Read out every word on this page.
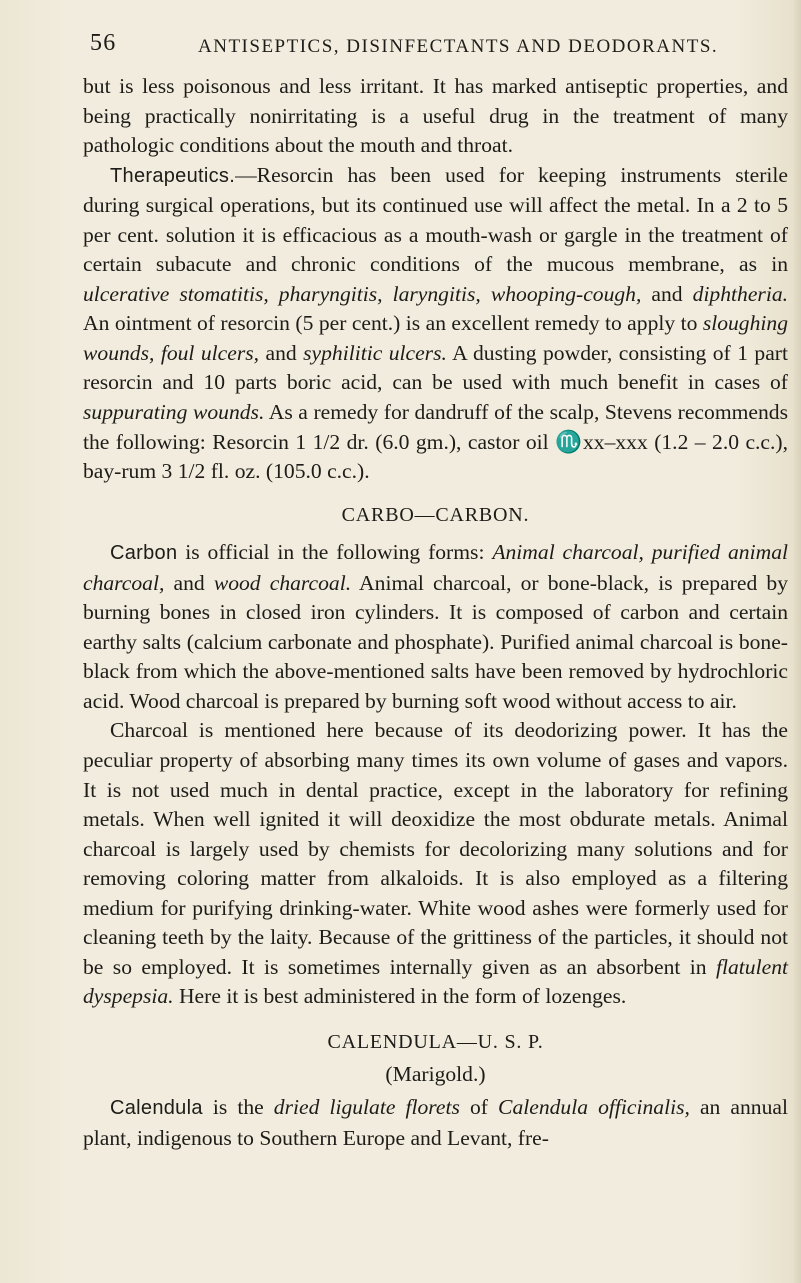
56	ANTISEPTICS, DISINFECTANTS AND DEODORANTS.

but is less poisonous and less irritant. It has marked antiseptic properties, and being practically nonirritating is a useful drug in the treatment of many pathologic conditions about the mouth and throat.

Therapeutics.—Resorcin has been used for keeping instruments sterile during surgical operations, but its continued use will affect the metal. In a 2 to 5 per cent. solution it is efficacious as a mouth-wash or gargle in the treatment of certain subacute and chronic conditions of the mucous membrane, as in ulcerative stomatitis, pharyngitis, laryngitis, whooping-cough, and diphtheria. An ointment of resorcin (5 per cent.) is an excellent remedy to apply to sloughing wounds, foul ulcers, and syphilitic ulcers. A dusting powder, consisting of 1 part resorcin and 10 parts boric acid, can be used with much benefit in cases of suppurating wounds. As a remedy for dandruff of the scalp, Stevens recommends the following: Resorcin 1 1/2 dr. (6.0 gm.), castor oil ♏xx–xxx (1.2 – 2.0 c.c.), bay-rum 3 1/2 fl. oz. (105.0 c.c.).

CARBO—CARBON.

Carbon is official in the following forms: Animal charcoal, purified animal charcoal, and wood charcoal. Animal charcoal, or bone-black, is prepared by burning bones in closed iron cylinders. It is composed of carbon and certain earthy salts (calcium carbonate and phosphate). Purified animal charcoal is bone-black from which the above-mentioned salts have been removed by hydrochloric acid. Wood charcoal is prepared by burning soft wood without access to air.

Charcoal is mentioned here because of its deodorizing power. It has the peculiar property of absorbing many times its own volume of gases and vapors. It is not used much in dental practice, except in the laboratory for refining metals. When well ignited it will deoxidize the most obdurate metals. Animal charcoal is largely used by chemists for decolorizing many solutions and for removing coloring matter from alkaloids. It is also employed as a filtering medium for purifying drinking-water. White wood ashes were formerly used for cleaning teeth by the laity. Because of the grittiness of the particles, it should not be so employed. It is sometimes internally given as an absorbent in flatulent dyspepsia. Here it is best administered in the form of lozenges.

CALENDULA—U. S. P.
(Marigold.)

Calendula is the dried ligulate florets of Calendula officinalis, an annual plant, indigenous to Southern Europe and Levant, fre-
